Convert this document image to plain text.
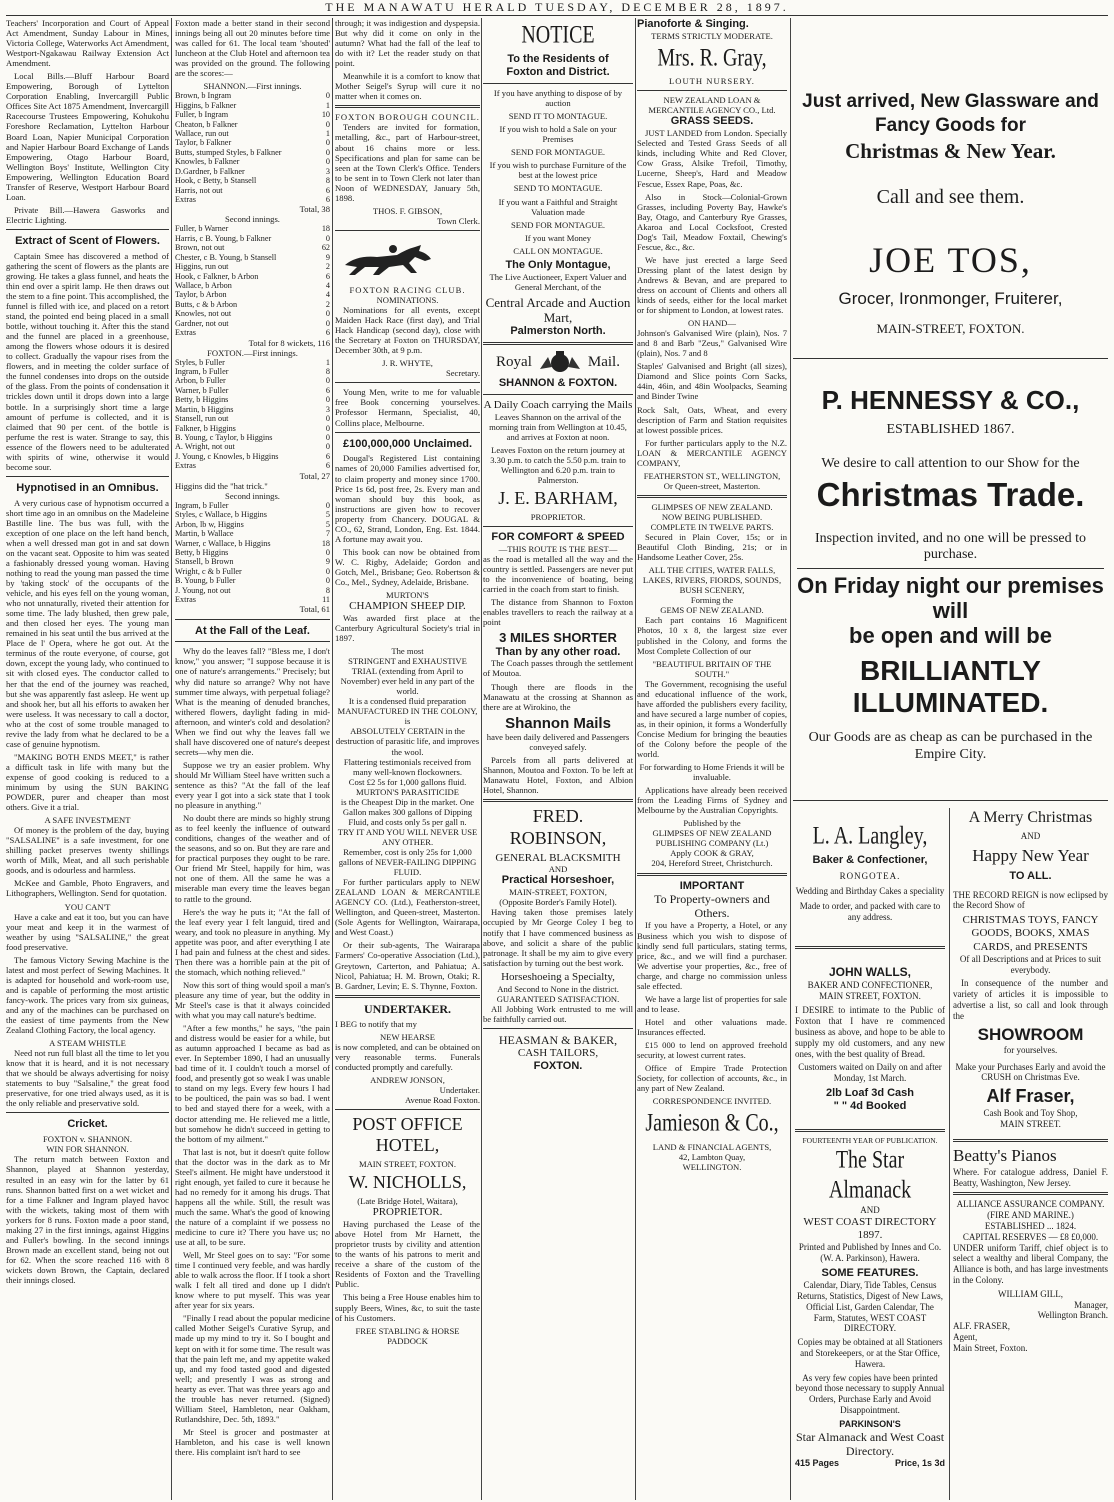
THE MANAWATU HERALD TUESDAY, DECEMBER 28, 1897.

Teachers' Incorporation and Court of Appeal Act Amendment, Sunday Labour in Mines, Victoria College, Waterworks Act Amendment, Westport-Ngakawau Railway Extension Act Amendment.

Local Bills.—Bluff Harbour Board Empowering, Borough of Lyttelton Corporation Enabling, Invercargill Public Offices Site Act 1875 Amendment, Invercargill Racecourse Trustees Empowering, Kohukohu Foreshore Reclamation, Lyttelton Harbour Board Loan, Napier Municipal Corporation and Napier Harbour Board Exchange of Lands Empowering, Otago Harbour Board, Wellington Boys' Institute, Wellington City Empowering, Wellington Education Board Transfer of Reserve, Westport Harbour Board Loan.

Private Bill.—Hawera Gasworks and Electric Lighting.

Extract of Scent of Flowers.

Captain Smee has discovered a method of gathering the scent of flowers as the plants are growing. He takes a glass funnel, and heats the thin end over a spirit lamp. He then draws out the stem to a fine point. This accomplished, the funnel is filled with ice, and placed on a retort stand, the pointed end being placed in a small bottle, without touching it. After this the stand and the funnel are placed in a greenhouse, among the flowers whose odours it is desired to collect. Gradually the vapour rises from the flowers, and in meeting the colder surface of the funnel condenses into drops on the outside of the glass. From the points of condensation it trickles down until it drops down into a large bottle. In a surprisingly short time a large amount of perfume is collected, and it is claimed that 90 per cent. of the bottle is perfume the rest is water. Strange to say, this essence of the flowers need to be adulterated with spirits of wine, otherwise it would become sour.

Hypnotised in an Omnibus.

A very curious case of hypnotism occurred a short time ago in an omnibus on the Madeleine Bastille line. The bus was full, with the exception of one place on the left hand bench, when a well dressed man got in and sat down on the vacant seat. Opposite to him was seated a fashionably dressed young woman. Having nothing to read the young man passed the time by 'taking stock' of the occupants of the vehicle, and his eyes fell on the young woman, who not unnaturally, riveted their attention for some time. The lady blushed, then grew pale, and then closed her eyes. The young man remained in his seat until the bus arrived at the Place de l' Opera, where he got out. At the terminus of the route everyone, of course, got down, except the young lady, who continued to sit with closed eyes. The conductor called to her that the end of the journey was reached, but she was apparently fast asleep. He went up and shook her, but all his efforts to awaken her were useless. It was necessary to call a doctor, who at the cost of some trouble managed to revive the lady from what he declared to be a case of genuine hypnotism.

"MAKING BOTH ENDS MEET," is rather a difficult task in life with many but the expense of good cooking is reduced to a minimum by using the SUN BAKING POWDER, purer and cheaper than most others. Give it a trial.

A SAFE INVESTMENT

Of money is the problem of the day, buying "SALSALINE" is a safe investment, for one shilling packet preserves twenty shillings worth of Milk, Meat, and all such perishable goods, and is odourless and harmless.

McKee and Gamble, Photo Engravers, and Lithographers, Wellington. Send for quotation.

YOU CAN'T

Have a cake and eat it too, but you can have your meat and keep it in the warmest of weather by using "SALSALINE," the great food preservative.

The famous Victory Sewing Machine is the latest and most perfect of Sewing Machines. It is adapted for household and work-room use, and is capable of performing the most artistic fancy-work. The prices vary from six guineas, and any of the machines can be purchased on the easiest of time payments from the New Zealand Clothing Factory, the local agency.

A STEAM WHISTLE

Need not run full blast all the time to let you know that it is heard, and it is not necessary that we should be always advertising for noisy statements to buy "Salsaline," the great food preservative, for one tried always used, as it is the only reliable and preservative sold.

Cricket.
FOXTON v. SHANNON.
WIN FOR SHANNON.

The return match between Foxton and Shannon, played at Shannon yesterday, resulted in an easy win for the latter by 61 runs. Shannon batted first on a wet wicket and for a time Falkner and Ingram played havoc with the wickets, taking most of them with yorkers for 8 runs. Foxton made a poor stand, making 27 in the first innings, against Higgins and Fuller's bowling. In the second innings Brown made an excellent stand, being not out for 62. When the score reached 116 with 8 wickets down Brown, the Captain, declared their innings closed.

Foxton made a better stand in their second innings being all out 20 minutes before time was called for 61. The local team 'shouted' luncheon at the Club Hotel and afternoon tea was provided on the ground. The following are the scores:—

SHANNON.—First innings.
Brown, b Ingram	0
Higgins, b Falkner	1
Fuller, b Ingram	10
Cheaton, b Falkner	0
Wallace, run out	1
Taylor, b Falkner	0
Butts, stumped Styles, b Falkner	0
Knowles, b Falkner	0
D.Gardner, b Falkner	3
Hook, c Betty, b Stansell	8
Harris, not out	6
Extras	6
Total, 38
Second innings.
Fuller, b Warner	18
Harris, c B. Young, b Falkner	0
Brown, not out	62
Chester, c B. Young, b Stansell	9
Higgins, run out	2
Hook, c Falkner, b Arbon	6
Wallace, b Arbon	4
Taylor, b Arbon	4
Butts, c & b Arbon	2
Knowles, not out	0
Gardner, not out	0
Extras	6
Total for 8 wickets, 116
FOXTON.—First innings.
Styles, b Fuller	1
Ingram, b Fuller	8
Arbon, b Fuller	0
Warner, b Fuller	6
Betty, b Higgins	0
Martin, b Higgins	3
Stansell, run out	0
Falkner, b Higgins	0
B. Young, c Taylor, b Higgins	0
A. Wright, not out	0
J. Young, c Knowles, b Higgins	6
Extras	6
Total, 27
Higgins did the "hat trick."
Second innings.
Ingram, b Fuller	0
Styles, c Wallace, b Higgins	5
Arbon, lb w, Higgins	5
Martin, b Wallace	7
Warner, c Wallace, b Higgins	18
Betty, b Higgins	0
Stansell, b Brown	9
Wright, c & b Fuller	0
B. Young, b Fuller	0
J. Young, not out	8
Extras	11
Total, 61
At the Fall of the Leaf.

Why do the leaves fall? "Bless me, I don't know," you answer; "I suppose because it is one of nature's arrangements." Precisely; but why did nature so arrange? Why not have summer time always, with perpetual foliage? What is the meaning of denuded branches, withered flowers, daylight fading in mid-afternoon, and winter's cold and desolation? When we find out why the leaves fall we shall have discovered one of nature's deepest secrets—why men die.

Suppose we try an easier problem. Why should Mr William Steel have written such a sentence as this? "At the fall of the leaf every year I got into a sick state that I took no pleasure in anything."

No doubt there are minds so highly strung as to feel keenly the influence of outward conditions, changes of the weather and of the seasons, and so on. But they are rare and for practical purposes they ought to be rare. Our friend Mr Steel, happily for him, was not one of them. All the same he was a miserable man every time the leaves began to rattle to the ground.

Here's the way he puts it; "At the fall of the leaf every year I felt languid, tired and weary, and took no pleasure in anything. My appetite was poor, and after everything I ate I had pain and fulness at the chest and sides. Then there was a horrible pain at the pit of the stomach, which nothing relieved."

Now this sort of thing would spoil a man's pleasure any time of year, but the oddity in Mr Steel's case is that it always coincided with what you may call nature's bedtime.

"After a few months," he says, "the pain and distress would be easier for a while, but as autumn approached I became as bad as ever. In September 1890, I had an unusually bad time of it. I couldn't touch a morsel of food, and presently got so weak I was unable to stand on my legs. Every few hours I had to be poulticed, the pain was so bad. I went to bed and stayed there for a week, with a doctor attending me. He relieved me a little, but somehow he didn't succeed in getting to the bottom of my ailment."

That last is not, but it doesn't quite follow that the doctor was in the dark as to Mr Steel's ailment. He might have understood it right enough, yet failed to cure it because he had no remedy for it among his drugs. That happens all the while. Still, the result was much the same. What's the good of knowing the nature of a complaint if we possess no medicine to cure it? There you have us; no use at all, to be sure.

Well, Mr Steel goes on to say: "For some time I continued very feeble, and was hardly able to walk across the floor. If I took a short walk I felt all tired and done up I didn't know where to put myself. This was year after year for six years.

"Finally I read about the popular medicine called Mother Seigel's Curative Syrup, and made up my mind to try it. So I bought and kept on with it for some time. The result was that the pain left me, and my appetite waked up, and my food tasted good and digested well; and presently I was as strong and hearty as ever. That was three years ago and the trouble has never returned. (Signed) William Steel, Hambleton, near Oakham, Rutlandshire, Dec. 5th, 1893."

Mr Steel is grocer and postmaster at Hambleton, and his case is well known there. His complaint isn't hard to see

through; it was indigestion and dyspepsia. But why did it come on only in the autumn? What had the fall of the leaf to do with it? Let the reader study on that point.

Meanwhile it is a comfort to know that Mother Seigel's Syrup will cure it no matter when it comes on.

FOXTON BOROUGH COUNCIL.

Tenders are invited for formation, metalling, &c., part of Harbour-street, about 16 chains more or less. Specifications and plan for same can be seen at the Town Clerk's Office. Tenders to be sent in to Town Clerk not later than Noon of WEDNESDAY, January 5th, 1898.

THOS. F. GIBSON,
Town Clerk.
FOXTON RACING CLUB.
NOMINATIONS.

Nominations for all events, except Maiden Hack Race (first day), and Trial Hack Handicap (second day), close with the Secretary at Foxton on THURSDAY, December 30th, at 9 p.m.

J. R. WHYTE,
Secretary.

Young Men, write to me for valuable free Book concerning yourselves. Professor Hermann, Specialist, 40, Collins place, Melbourne.

£100,000,000 Unclaimed.

Dougal's Registered List containing names of 20,000 Families advertised for, to claim property and money since 1700. Price 1s 6d, post free, 2s. Every man and woman should buy this book, as instructions are given how to recover property from Chancery. DOUGAL & CO., 62, Strand, London, Eng. Est. 1844. A fortune may await you.

This book can now be obtained from W. C. Rigby, Adelaide; Gordon and Gotch, Mel., Brisbane; Geo. Robertson & Co., Mel., Sydney, Adelaide, Brisbane.

MURTON'S
CHAMPION SHEEP DIP.

Was awarded first place at the Canterbury Agricultural Society's trial in 1897.

The most
STRINGENT and EXHAUSTIVE TRIAL (extending from April to November) ever held in any part of the world.
It is a condensed fluid preparation MANUFACTURED IN THE COLONY, is
ABSOLUTELY CERTAIN in the destruction of parasitic life, and improves the wool.
Flattering testimonials received from many well-known flockowners.
Cost £2 5s for 1,000 gallons fluid.
MURTON'S PARASITICIDE
is the Cheapest Dip in the market. One Gallon makes 300 gallons of Dipping Fluid, and costs only 5s per gall n.
TRY IT AND YOU WILL NEVER USE ANY OTHER.
Remember, cost is only 25s for 1,000 gallons of NEVER-FAILING DIPPING FLUID.

For further particulars apply to NEW ZEALAND LOAN & MERCANTILE AGENCY CO. (Ltd.), Featherston-street, Wellington, and Queen-street, Masterton. (Sole Agents for Wellington, Wairarapa, and West Coast.)

Or their sub-agents, The Wairarapa Farmers' Co-operative Association (Ltd.), Greytown, Carterton, and Pahiatua; A. Nicol, Pahiatua; H. M. Brown, Otaki; R. B. Gardner, Levin; E. S. Thynne, Foxton.

UNDERTAKER.

I BEG to notify that my

NEW HEARSE

is now completed, and can be obtained on very reasonable terms. Funerals conducted promptly and carefully.

ANDREW JONSON,
Undertaker.
Avenue Road Foxton.
POST OFFICE HOTEL,
MAIN STREET, FOXTON.
W. NICHOLLS,
(Late Bridge Hotel, Waitara),
PROPRIETOR.

Having purchased the Lease of the above Hotel from Mr Harnett, the proprietor trusts by civility and attention to the wants of his patrons to merit and receive a share of the custom of the Residents of Foxton and the Travelling Public.

This being a Free House enables him to supply Beers, Wines, &c, to suit the taste of his Customers.

FREE STABLING & HORSE PADDOCK
NOTICE
To the Residents of
Foxton and District.

If you have anything to dispose of by auction

SEND IT TO MONTAGUE.

If you wish to hold a Sale on your Premises

SEND FOR MONTAGUE.

If you wish to purchase Furniture of the best at the lowest price

SEND TO MONTAGUE.

If you want a Faithful and Straight Valuation made

SEND FOR MONTAGUE.

If you want Money

CALL ON MONTAGUE.

The Only Montague,

The Live Auctioneer, Expert Valuer and General Merchant, of the

Central Arcade and Auction Mart,
Palmerston North.
Royal	Mail.
SHANNON & FOXTON.
A Daily Coach carrying the Mails

Leaves Shannon on the arrival of the morning train from Wellington at 10.45, and arrives at Foxton at noon.

Leaves Foxton on the return journey at 3.30 p.m. to catch the 5.50 p.m. train to Wellington and 6.20 p.m. train to Palmerston.

J. E. BARHAM,
PROPRIETOR.
FOR COMFORT & SPEED
—THIS ROUTE IS THE BEST—

as the road is metalled all the way and the country is settled. Passengers are never put to the inconvenience of boating, being carried in the coach from start to finish.

The distance from Shannon to Foxton enables travellers to reach the railway at a point

3 MILES SHORTER
Than by any other road.

The Coach passes through the settlement of Moutoa.

Though there are floods in the Manawatu at the crossing at Shannon as there are at Wirokino, the

Shannon Mails

have been daily delivered and Passengers conveyed safely.

Parcels from all parts delivered at Shannon, Moutoa and Foxton. To be left at Manawatu Hotel, Foxton, and Albion Hotel, Shannon.

FRED. ROBINSON,
GENERAL BLACKSMITH
AND
Practical Horseshoer,
MAIN-STREET, FOXTON,
(Opposite Border's Family Hotel).

Having taken those premises lately occupied by Mr George Coley I beg to notify that I have commenced business as above, and solicit a share of the public patronage. It shall be my aim to give every satisfaction by turning out the best work.

Horseshoeing a Specialty,
And Second to None in the district.
GUARANTEED SATISFACTION.

All Jobbing Work entrusted to me will be faithfully carried out.

HEASMAN & BAKER,
CASH TAILORS,
FOXTON.
Pianoforte & Singing.
TERMS STRICTLY MODERATE.
Mrs. R. Gray,
LOUTH NURSERY.
NEW ZEALAND LOAN & MERCANTILE AGENCY CO., Ltd.
GRASS SEEDS.

JUST LANDED from London. Specially Selected and Tested Grass Seeds of all kinds, including White and Red Clover, Cow Grass, Alsike Trefoil, Timothy, Lucerne, Sheep's, Hard and Meadow Fescue, Essex Rape, Poas, &c.

Also in Stock—Colonial-Grown Grasses, including Poverty Bay, Hawke's Bay, Otago, and Canterbury Rye Grasses, Akaroa and Local Cocksfoot, Crested Dog's Tail, Meadow Foxtail, Chewing's Fescue, &c., &c.

We have just erected a large Seed Dressing plant of the latest design by Andrews & Bevan, and are prepared to dress on account of Clients and others all kinds of seeds, either for the local market or for shipment to London, at lowest rates.

ON HAND—

Johnson's Galvanised Wire (plain), Nos. 7 and 8 and Barb "Zeus," Galvanised Wire (plain), Nos. 7 and 8

Staples' Galvanised and Bright (all sizes), Diamond and Slice points Corn Sacks, 44in, 46in, and 48in Woolpacks, Seaming and Binder Twine

Rock Salt, Oats, Wheat, and every description of Farm and Station requisites at lowest possible prices.

For further particulars apply to the N.Z. LOAN & MERCANTILE AGENCY COMPANY,

FEATHERSTON ST., WELLINGTON,
Or Queen-street, Masterton.
GLIMPSES OF NEW ZEALAND.
NOW BEING PUBLISHED.
COMPLETE IN TWELVE PARTS.

Secured in Plain Cover, 15s; or in Beautiful Cloth Binding, 21s; or in Handsome Leather Cover, 25s.

ALL THE CITIES, WATER FALLS, LAKES, RIVERS, FIORDS, SOUNDS, BUSH SCENERY,
Forming the
GEMS OF NEW ZEALAND.

Each part contains 16 Magnificent Photos, 10 x 8, the largest size ever published in the Colony, and forms the Most Complete Collection of our

"BEAUTIFUL BRITAIN OF THE SOUTH."

The Government, recognising the useful and educational influence of the work, have afforded the publishers every facility, and have secured a large number of copies, as, in their opinion, it forms a Wonderfully Concise Medium for bringing the beauties of the Colony before the people of the world.

For forwarding to Home Friends it will be invaluable.

Applications have already been received from the Leading Firms of Sydney and Melbourne by the Australian Copyrights.

Published by the
GLIMPSES OF NEW ZEALAND PUBLISHING COMPANY (Lt.)
Apply COOK & GRAY,
204, Hereford Street, Christchurch.
IMPORTANT
To Property-owners and
Others.

If you have a Property, a Hotel, or any Business which you wish to dispose of kindly send full particulars, stating terms, price, &c., and we will find a purchaser. We advertise your properties, &c., free of charge, and charge no commission unless sale effected.

We have a large list of properties for sale and to lease.

Hotel and other valuations made. Insurances effected.

£15 000 to lend on approved freehold security, at lowest current rates.

Office of Empire Trade Protection Society, for collection of accounts, &c., in any part of New Zealand.

CORRESPONDENCE INVITED.
Jamieson & Co.,
LAND & FINANCIAL AGENTS,
42, Lambton Quay,
WELLINGTON.
Just arrived, New Glassware and
Fancy Goods for
Christmas & New Year.
Call and see them.
JOE TOS,
Grocer, Ironmonger, Fruiterer,
MAIN-STREET, FOXTON.
P. HENNESSY & CO.,
ESTABLISHED 1867.
We desire to call attention to our Show for the
Christmas Trade.
Inspection invited, and no one will be pressed to purchase.
On Friday night our premises will
be open and will be
BRILLIANTLY ILLUMINATED.
Our Goods are as cheap as can be purchased in the Empire City.
L. A. Langley,
Baker & Confectioner,
RONGOTEA.
Wedding and Birthday Cakes a speciality
Made to order, and packed with care to any address.
JOHN WALLS,
BAKER AND CONFECTIONER,
MAIN STREET, FOXTON.

I DESIRE to intimate to the Public of Foxton that I have re commenced business as above, and hope to be able to supply my old customers, and any new ones, with the best quality of Bread.

Customers waited on Daily on and after Monday, 1st March.

2lb Loaf 3d Cash
" " 4d Booked
FOURTEENTH YEAR OF PUBLICATION.
The Star Almanack
AND
WEST COAST DIRECTORY
1897.

Printed and Published by Innes and Co. (W. A. Parkinson), Hawera.

SOME FEATURES.

Calendar, Diary, Tide Tables, Census Returns, Statistics, Digest of New Laws, Official List, Garden Calendar, The Farm, Statutes, WEST COAST DIRECTORY.

Copies may be obtained at all Stationers and Storekeepers, or at the Star Office, Hawera.

As very few copies have been printed beyond those necessary to supply Annual Orders, Purchase Early and Avoid Disappointment.

PARKINSON'S
Star Almanack and West Coast Directory.
415 Pages	Price, 1s 3d
A Merry Christmas
AND
Happy New Year
TO ALL.

THE RECORD REIGN is now eclipsed by the Record Show of

CHRISTMAS TOYS, FANCY GOODS, BOOKS, XMAS CARDS, and PRESENTS

Of all Descriptions and at Prices to suit everybody.

In consequence of the number and variety of articles it is impossible to advertise a list, so call and look through the

SHOWROOM
for yourselves.

Make your Purchases Early and avoid the CRUSH on Christmas Eve.

Alf Fraser,
Cash Book and Toy Shop,
MAIN STREET.
Beatty's Pianos

Where. For catalogue address, Daniel F. Beatty, Washington, New Jersey.

ALLIANCE ASSURANCE COMPANY.
(FIRE AND MARINE.)
ESTABLISHED ... 1824.
CAPITAL RESERVES — £8 £0,000.

UNDER uniform Tariff, chief object is to select a wealthy and liberal Company, the Alliance is both, and has large investments in the Colony.

WILLIAM GILL,
Manager,
Wellington Branch.
ALF. FRASER,
Agent,
Main Street, Foxton.
